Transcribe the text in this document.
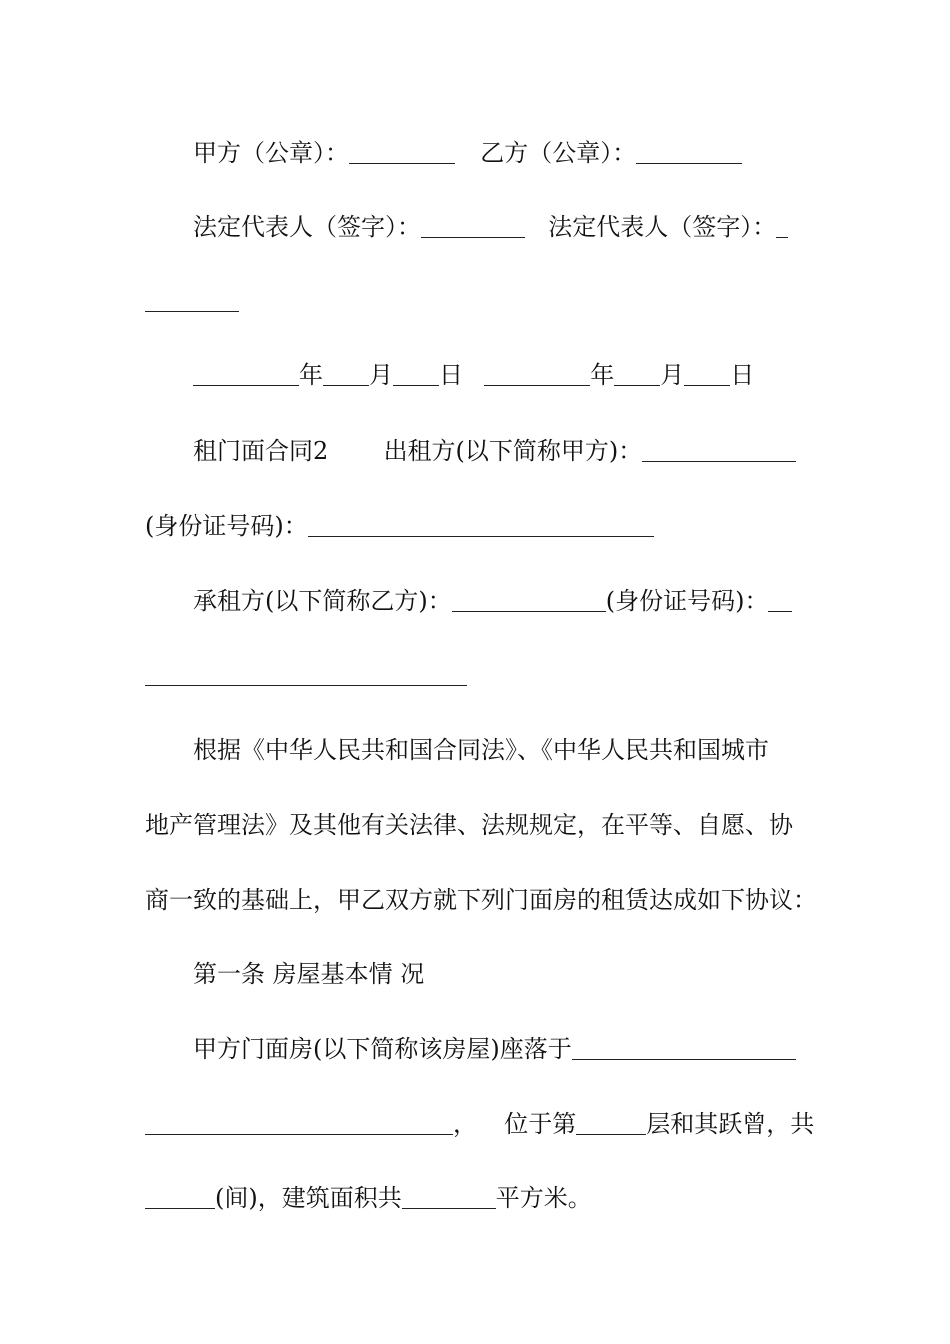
甲方（公章）：	乙方（公章）：
法定代表人（签字）：	法定代表人（签字）：
年 月 日	年 月 日
租门面合同2 出租方(以下简称甲方)：
(身份证号码)：
承租方(以下简称乙方)：	(身份证号码)：
根据《中华人民共和国合同法》、《中华人民共和国城市
地产管理法》及其他有关法律、法规规定，在平等、自愿、协
商一致的基础上，甲乙双方就下列门面房的租赁达成如下协议：
第一条 房屋基本情 况
甲方门面房(以下简称该房屋)座落于
， 位于第	层和其跃曾，共
(间)，建筑面积共	平方米。
